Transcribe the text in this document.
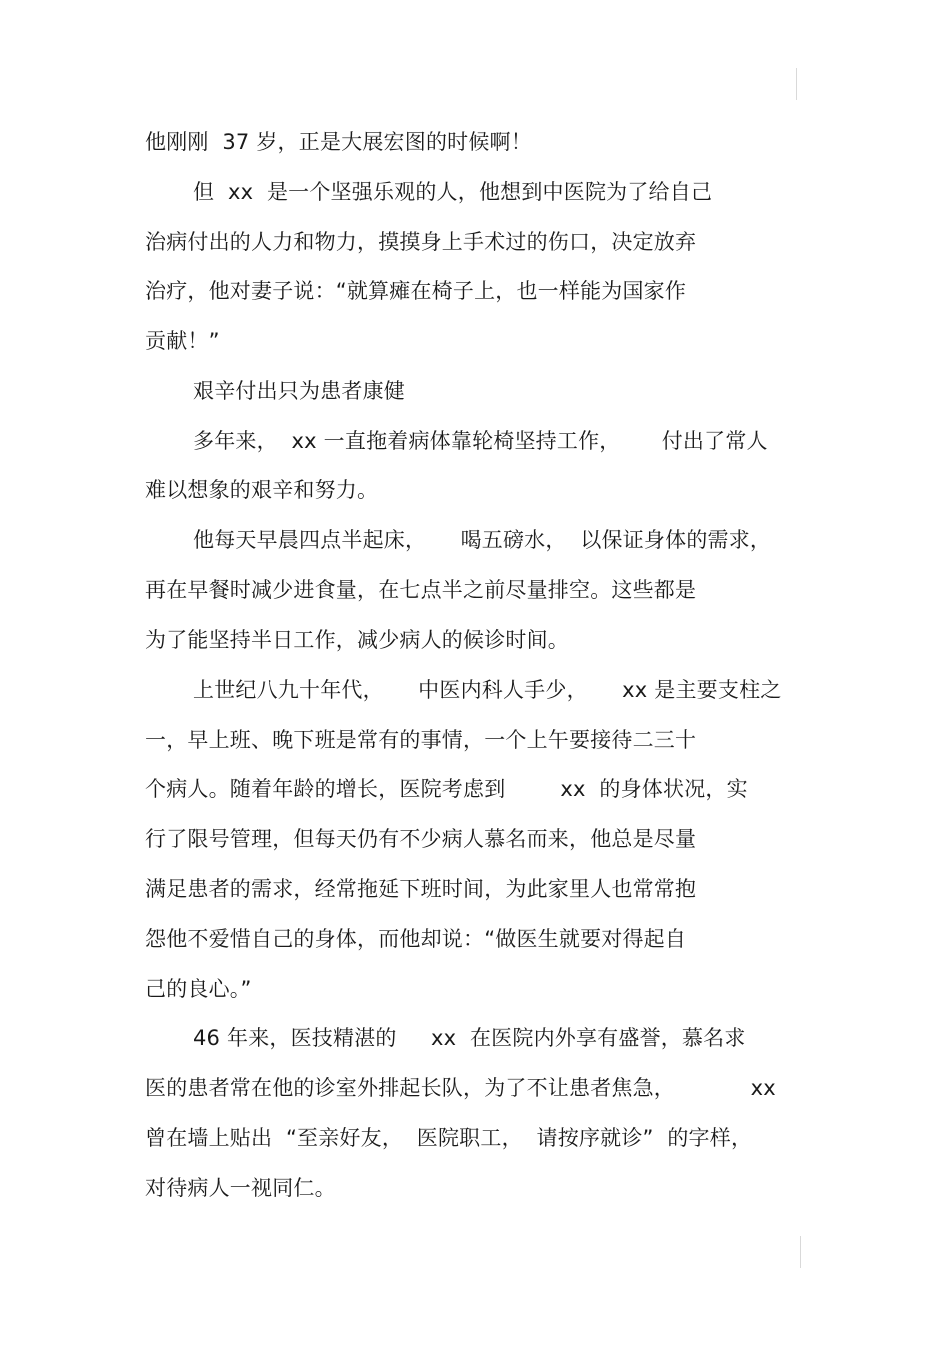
他刚刚  37 岁，正是大展宏图的时候啊！
但  xx  是一个坚强乐观的人，他想到中医院为了给自己
治病付出的人力和物力，摸摸身上手术过的伤口，决定放弃
治疗，他对妻子说：“就算瘫在椅子上，也一样能为国家作
贡献！”
艰辛付出只为患者康健
多年来，  xx 一直拖着病体靠轮椅坚持工作，      付出了常人
难以想象的艰辛和努力。
他每天早晨四点半起床，     喝五磅水，  以保证身体的需求，
再在早餐时减少进食量，在七点半之前尽量排空。这些都是
为了能坚持半日工作，减少病人的候诊时间。
上世纪八九十年代，     中医内科人手少，     xx 是主要支柱之
一，早上班、晚下班是常有的事情，一个上午要接待二三十
个病人。随着年龄的增长，医院考虑到        xx  的身体状况，实
行了限号管理，但每天仍有不少病人慕名而来，他总是尽量
满足患者的需求，经常拖延下班时间，为此家里人也常常抱
怨他不爱惜自己的身体，而他却说：“做医生就要对得起自
己的良心。”
46 年来，医技精湛的     xx  在医院内外享有盛誉，慕名求
医的患者常在他的诊室外排起长队，为了不让患者焦急，           xx
曾在墙上贴出  “至亲好友，  医院职工，  请按序就诊”  的字样，
对待病人一视同仁。
